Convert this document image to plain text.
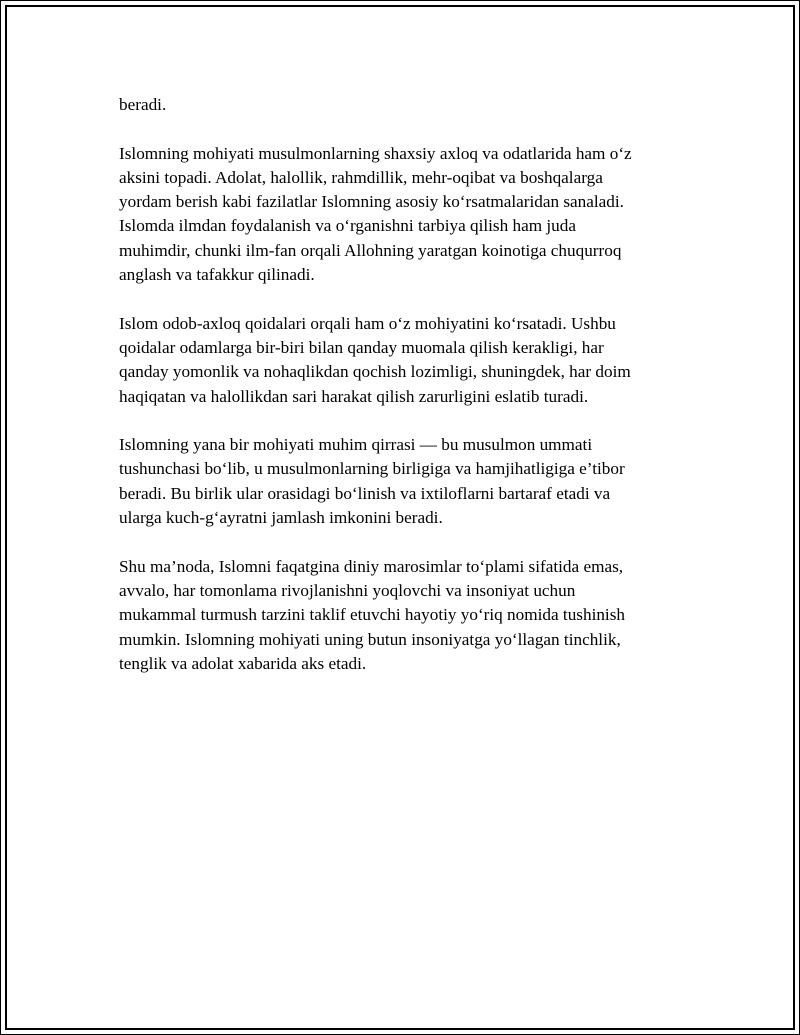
beradi.

Islomning mohiyati musulmonlarning shaxsiy axloq va odatlarida ham o‘z
aksini topadi. Adolat, halollik, rahmdillik, mehr-oqibat va boshqalarga
yordam berish kabi fazilatlar Islomning asosiy ko‘rsatmalaridan sanaladi.
Islomda ilmdan foydalanish va o‘rganishni tarbiya qilish ham juda
muhimdir, chunki ilm-fan orqali Allohning yaratgan koinotiga chuqurroq
anglash va tafakkur qilinadi.

Islom odob-axloq qoidalari orqali ham o‘z mohiyatini ko‘rsatadi. Ushbu
qoidalar odamlarga bir-biri bilan qanday muomala qilish kerakligi, har
qanday yomonlik va nohaqlikdan qochish lozimligi, shuningdek, har doim
haqiqatan va halollikdan sari harakat qilish zarurligini eslatib turadi.

Islomning yana bir mohiyati muhim qirrasi — bu musulmon ummati
tushunchasi bo‘lib, u musulmonlarning birligiga va hamjihatligiga e’tibor
beradi. Bu birlik ular orasidagi bo‘linish va ixtiloflarni bartaraf etadi va
ularga kuch-g‘ayratni jamlash imkonini beradi.

Shu ma’noda, Islomni faqatgina diniy marosimlar to‘plami sifatida emas,
avvalo, har tomonlama rivojlanishni yoqlovchi va insoniyat uchun
mukammal turmush tarzini taklif etuvchi hayotiy yo‘riq nomida tushinish
mumkin. Islomning mohiyati uning butun insoniyatga yo‘llagan tinchlik,
tenglik va adolat xabarida aks etadi.
